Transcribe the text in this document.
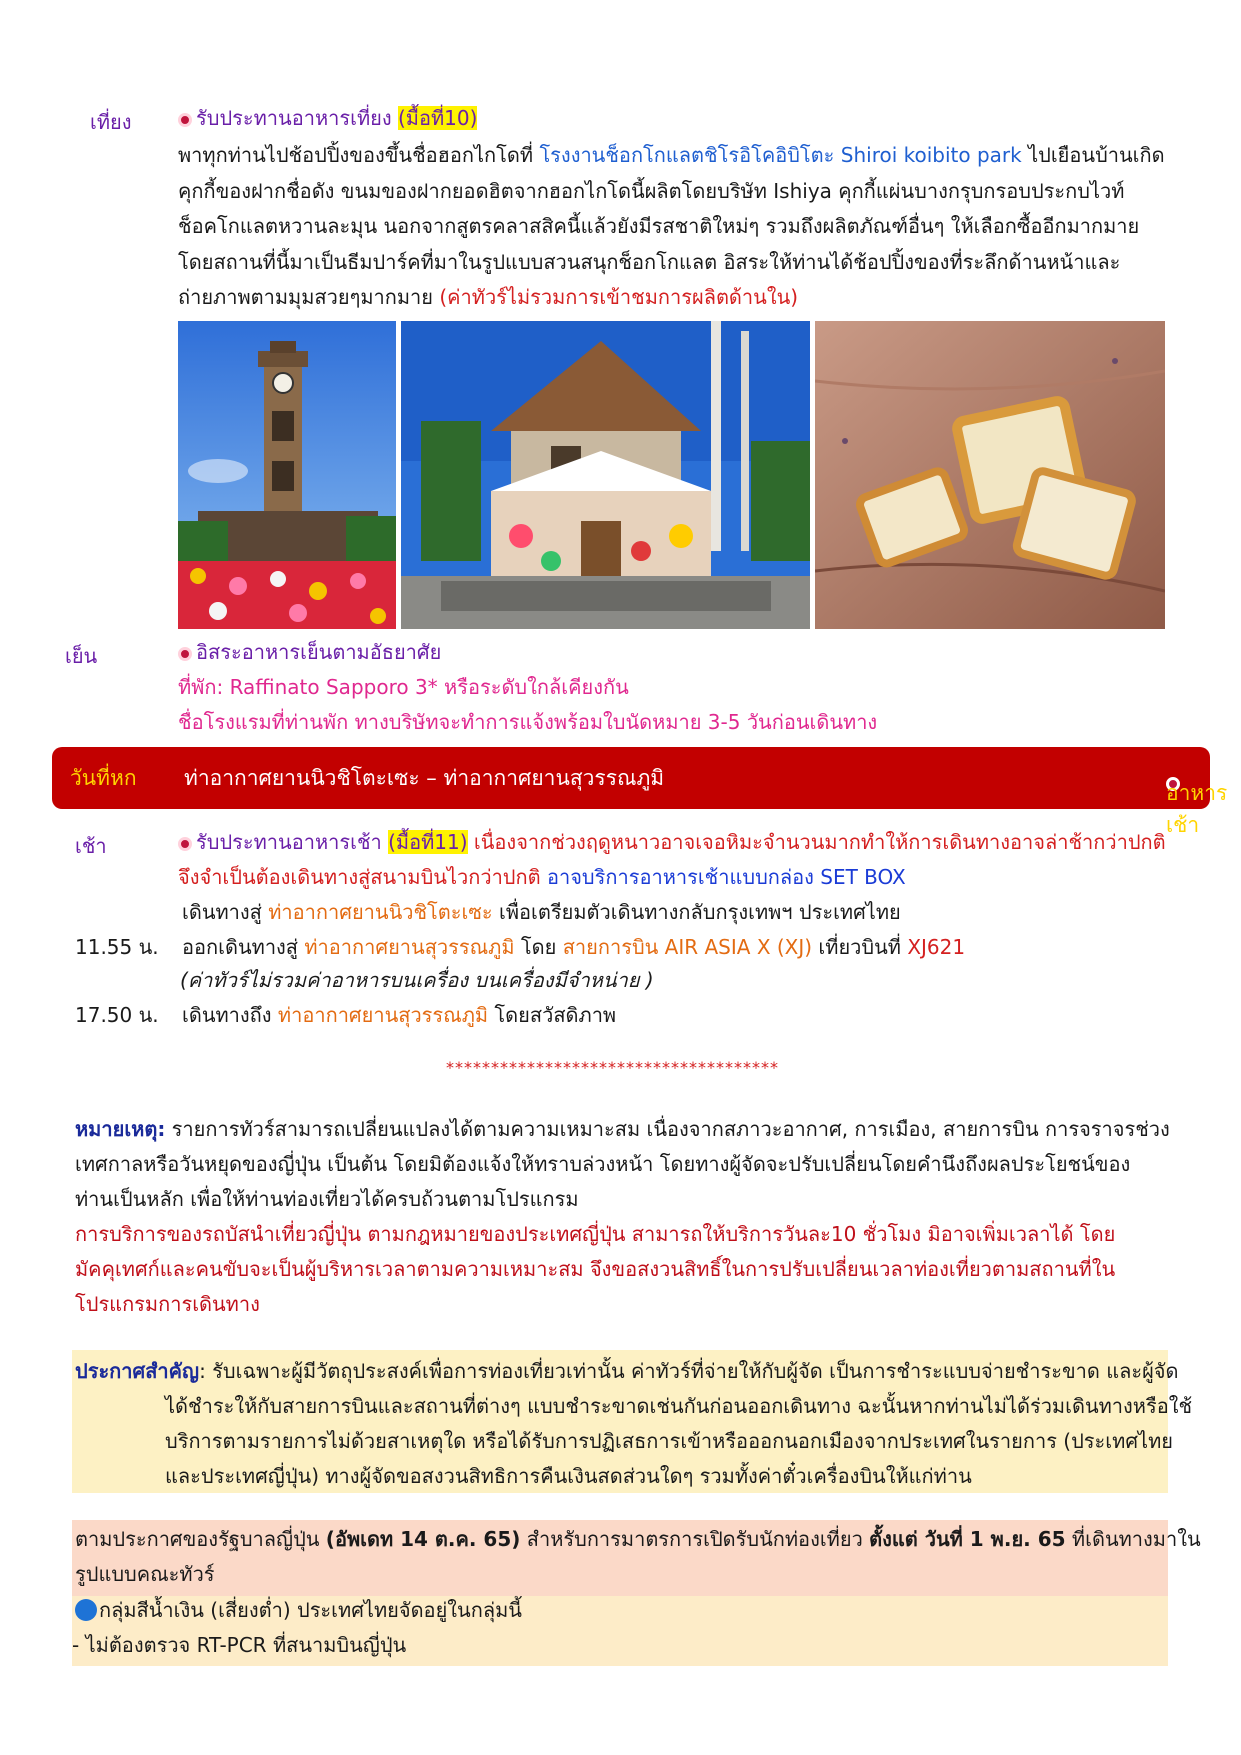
เที่ยง	รับประทานอาหารเที่ยง (มื้อที่10)
พาทุกท่านไปช้อปปิ้งของขึ้นชื่อฮอกไกโดที่ โรงงานช็อกโกแลตชิโรอิโคอิบิโตะ Shiroi koibito park ไปเยือนบ้านเกิด
คุกกี้ของฝากชื่อดัง ขนมของฝากยอดฮิตจากฮอกไกโดนี้ผลิตโดยบริษัท Ishiya คุกกี้แผ่นบางกรุบกรอบประกบไวท์
ช็อคโกแลตหวานละมุน นอกจากสูตรคลาสสิคนี้แล้วยังมีรสชาติใหม่ๆ รวมถึงผลิตภัณฑ์อื่นๆ ให้เลือกซื้ออีกมากมาย
โดยสถานที่นี้มาเป็นธีมปาร์คที่มาในรูปแบบสวนสนุกช็อกโกแลต อิสระให้ท่านได้ช้อปปิ้งของที่ระลึกด้านหน้าและ
ถ่ายภาพตามมุมสวยๆมากมาย (ค่าทัวร์ไม่รวมการเข้าชมการผลิตด้านใน)
เย็น	อิสระอาหารเย็นตามอัธยาศัย
ที่พัก: Raffinato Sapporo 3* หรือระดับใกล้เคียงกัน
ชื่อโรงแรมที่ท่านพัก ทางบริษัทจะทำการแจ้งพร้อมใบนัดหมาย 3-5 วันก่อนเดินทาง
วันที่หก ท่าอากาศยานนิวชิโตะเซะ – ท่าอากาศยานสุวรรณภูมิ
อาหาร เช้า
เช้า	รับประทานอาหารเช้า (มื้อที่11) เนื่องจากช่วงฤดูหนาวอาจเจอหิมะจำนวนมากทำให้การเดินทางอาจล่าช้ากว่าปกติ
จึงจำเป็นต้องเดินทางสู่สนามบินไวกว่าปกติ อาจบริการอาหารเช้าแบบกล่อง SET BOX
เดินทางสู่ ท่าอากาศยานนิวชิโตะเซะ เพื่อเตรียมตัวเดินทางกลับกรุงเทพฯ ประเทศไทย
11.55 น. ออกเดินทางสู่ ท่าอากาศยานสุวรรณภูมิ โดย สายการบิน AIR ASIA X (XJ) เที่ยวบินที่ XJ621
(ค่าทัวร์ไม่รวมค่าอาหารบนเครื่อง บนเครื่องมีจำหน่าย )
17.50 น. เดินทางถึง ท่าอากาศยานสุวรรณภูมิ โดยสวัสดิภาพ
*************************************
หมายเหตุ: รายการทัวร์สามารถเปลี่ยนแปลงได้ตามความเหมาะสม เนื่องจากสภาวะอากาศ, การเมือง, สายการบิน การจราจรช่วง
เทศกาลหรือวันหยุดของญี่ปุ่น เป็นต้น โดยมิต้องแจ้งให้ทราบล่วงหน้า โดยทางผู้จัดจะปรับเปลี่ยนโดยคำนึงถึงผลประโยชน์ของ
ท่านเป็นหลัก เพื่อให้ท่านท่องเที่ยวได้ครบถ้วนตามโปรแกรม
การบริการของรถบัสนำเที่ยวญี่ปุ่น ตามกฎหมายของประเทศญี่ปุ่น สามารถให้บริการวันละ10 ชั่วโมง มิอาจเพิ่มเวลาได้ โดย
มัคคุเทศก์และคนขับจะเป็นผู้บริหารเวลาตามความเหมาะสม จึงขอสงวนสิทธิ์ในการปรับเปลี่ยนเวลาท่องเที่ยวตามสถานที่ใน
โปรแกรมการเดินทาง
ประกาศสำคัญ: รับเฉพาะผู้มีวัตถุประสงค์เพื่อการท่องเที่ยวเท่านั้น ค่าทัวร์ที่จ่ายให้กับผู้จัด เป็นการชำระแบบจ่ายชำระขาด และผู้จัด
ได้ชำระให้กับสายการบินและสถานที่ต่างๆ แบบชำระขาดเช่นกันก่อนออกเดินทาง ฉะนั้นหากท่านไม่ได้ร่วมเดินทางหรือใช้
บริการตามรายการไม่ด้วยสาเหตุใด หรือได้รับการปฏิเสธการเข้าหรือออกนอกเมืองจากประเทศในรายการ (ประเทศไทย
และประเทศญี่ปุ่น) ทางผู้จัดขอสงวนสิทธิการคืนเงินสดส่วนใดๆ รวมทั้งค่าตั๋วเครื่องบินให้แก่ท่าน
ตามประกาศของรัฐบาลญี่ปุ่น (อัพเดท 14 ต.ค. 65) สำหรับการมาตรการเปิดรับนักท่องเที่ยว ตั้งแต่ วันที่ 1 พ.ย. 65 ที่เดินทางมาใน
รูปแบบคณะทัวร์
กลุ่มสีน้ำเงิน (เสี่ยงต่ำ) ประเทศไทยจัดอยู่ในกลุ่มนี้
- ไม่ต้องตรวจ RT-PCR ที่สนามบินญี่ปุ่น
